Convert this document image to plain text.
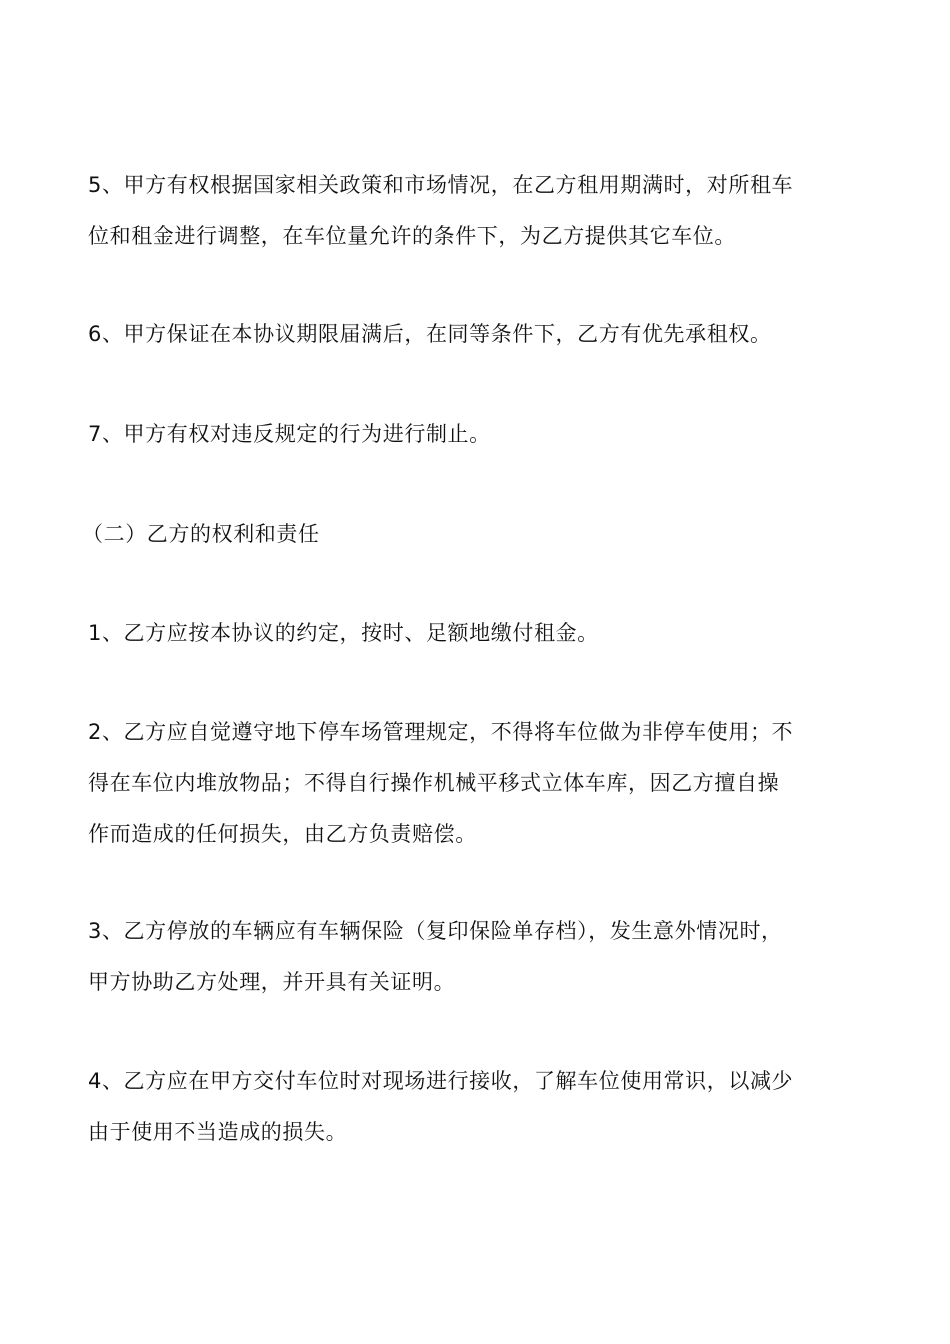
5、甲方有权根据国家相关政策和市场情况，在乙方租用期满时，对所租车
位和租金进行调整，在车位量允许的条件下，为乙方提供其它车位。
6、甲方保证在本协议期限届满后，在同等条件下，乙方有优先承租权。
7、甲方有权对违反规定的行为进行制止。
（二）乙方的权利和责任
1、乙方应按本协议的约定，按时、足额地缴付租金。
2、乙方应自觉遵守地下停车场管理规定，不得将车位做为非停车使用；不
得在车位内堆放物品；不得自行操作机械平移式立体车库，因乙方擅自操
作而造成的任何损失，由乙方负责赔偿。
3、乙方停放的车辆应有车辆保险（复印保险单存档），发生意外情况时，
甲方协助乙方处理，并开具有关证明。
4、乙方应在甲方交付车位时对现场进行接收，了解车位使用常识，以减少
由于使用不当造成的损失。
